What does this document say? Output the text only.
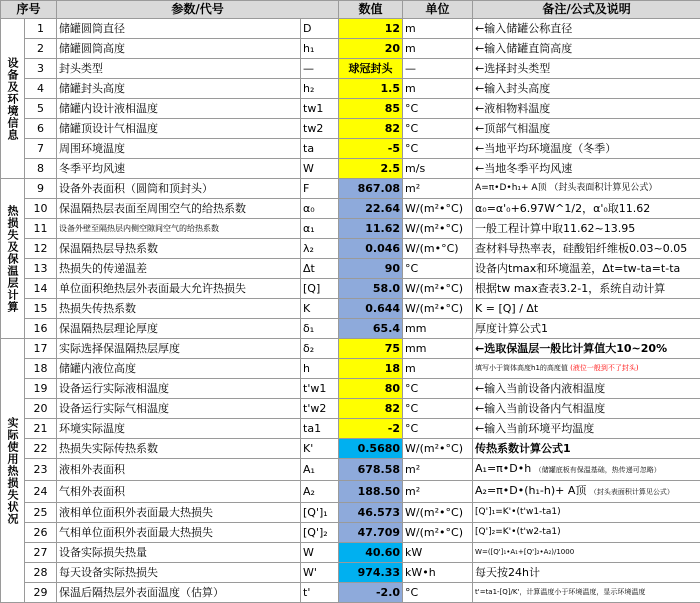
序号		参数/代号		数值	单位	备注/公式及说明
设备及环境信息	1	储罐圆筒直径	D	12	m	←输入储罐公称直径
	2	储罐圆筒高度	h₁	20	m	←输入储罐直筒高度
	3	封头类型	—	球冠封头	—	←选择封头类型
	4	储罐封头高度	h₂	1.5	m	←输入封头高度
	5	储罐内设计液相温度	tw1	85	°C	←液相物料温度
	6	储罐顶设计气相温度	tw2	82	°C	←顶部气相温度
	7	周围环境温度	ta	-5	°C	←当地平均环境温度（冬季）
	8	冬季平均风速	W	2.5	m/s	←当地冬季平均风速
热损失及保温层计算	9	设备外表面积（圆筒和顶封头）	F	867.08	m²	A=π•D•h₁+ A顶 （封头表面积计算见公式）
	10	保温隔热层表面至周围空气的给热系数	α₀	22.64	W/(m²•°C)	α₀=α'₀+6.97W^1/2，α'₀取11.62
	11	设备外壁至隔热层内侧空隙间空气的给热系数	α₁	11.62	W/(m²•°C)	一般工程计算中取11.62~13.95
	12	保温隔热层导热系数	λ₂	0.046	W/(m•°C)	查材料导热率表，硅酸铝纤维板0.03~0.05
	13	热损失的传递温差	Δt	90	°C	设备内tmax和环境温差，Δt=tw-ta=t-ta
	14	单位面积绝热层外表面最大允许热损失	[Q]	58.0	W/(m²•°C)	根据tw max查表3.2-1，系统自动计算
	15	热损失传热系数	K	0.644	W/(m²•°C)	K = [Q] / Δt
	16	保温隔热层理论厚度	δ₁	65.4	mm	厚度计算公式1
实际使用热损失状况	17	实际选择保温隔热层厚度	δ₂	75	mm	←选取保温层一般比计算值大10~20%
	18	储罐内液位高度	h	18	m	填写小于筒体高度h1的高度值 (液位一般到不了封头)
	19	设备运行实际液相温度	t'w1	80	°C	←输入当前设备内液相温度
	20	设备运行实际气相温度	t'w2	82	°C	←输入当前设备内气相温度
	21	环境实际温度	ta1	-2	°C	←输入当前环境平均温度
	22	热损失实际传热系数	K'	0.5680	W/(m²•°C)	传热系数计算公式1
	23	液相外表面积	A₁	678.58	m²	A₁=π•D•h （储罐底板有保温基础，热传递可忽略）
	24	气相外表面积	A₂	188.50	m²	A₂=π•D•(h₁-h)+ A顶 （封头表面积计算见公式）
	25	液相单位面积外表面最大热损失	[Q']₁	46.573	W/(m²•°C)	[Q']₁=K'•(t'w1-ta1)
	26	气相单位面积外表面最大热损失	[Q']₂	47.709	W/(m²•°C)	[Q']₂=K'•(t'w2-ta1)
	27	设备实际损失热量	W	40.60	kW	W=([Q']₁•A₁+[Q']₂•A₂)/1000
	28	每天设备实际热损失	W'	974.33	kW•h	每天按24h计
	29	保温后隔热层外表面温度（估算）	t'	-2.0	°C	t'=ta1-[Q]/K'，计算温度小于环境温度，显示环境温度
